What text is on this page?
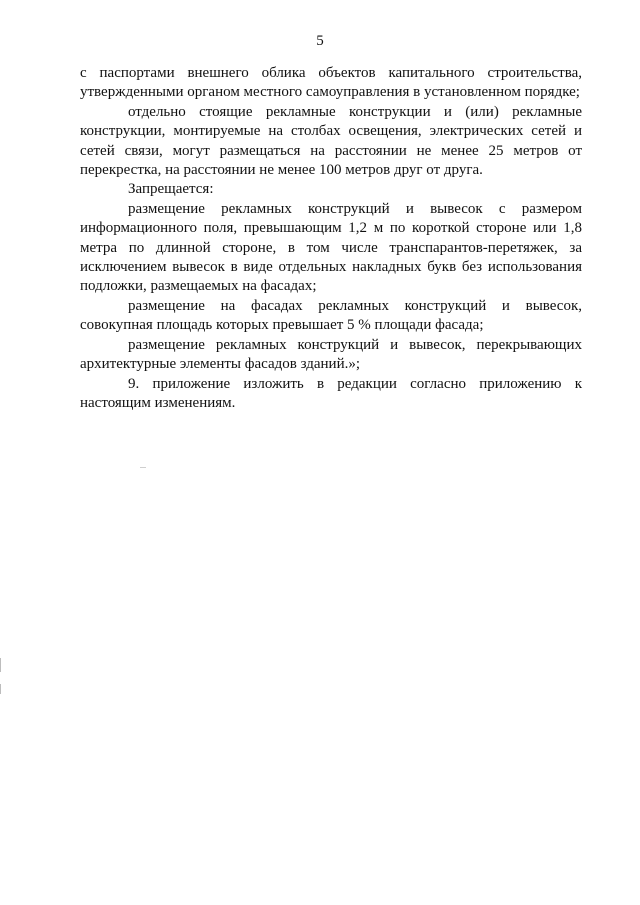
5

с паспортами внешнего облика объектов капитального строительства, утвержденными органом местного самоуправления в установленном порядке;

отдельно стоящие рекламные конструкции и (или) рекламные конструкции, монтируемые на столбах освещения, электрических сетей и сетей связи, могут размещаться на расстоянии не менее 25 метров от перекрестка, на расстоянии не менее 100 метров друг от друга.

Запрещается:

размещение рекламных конструкций и вывесок с размером информационного поля, превышающим 1,2 м по короткой стороне или 1,8 метра по длинной стороне, в том числе транспарантов-перетяжек, за исключением вывесок в виде отдельных накладных букв без использования подложки, размещаемых на фасадах;

размещение на фасадах рекламных конструкций и вывесок, совокупная площадь которых превышает 5 % площади фасада;

размещение рекламных конструкций и вывесок, перекрывающих архитектурные элементы фасадов зданий.»;

9. приложение изложить в редакции согласно приложению к настоящим изменениям.
